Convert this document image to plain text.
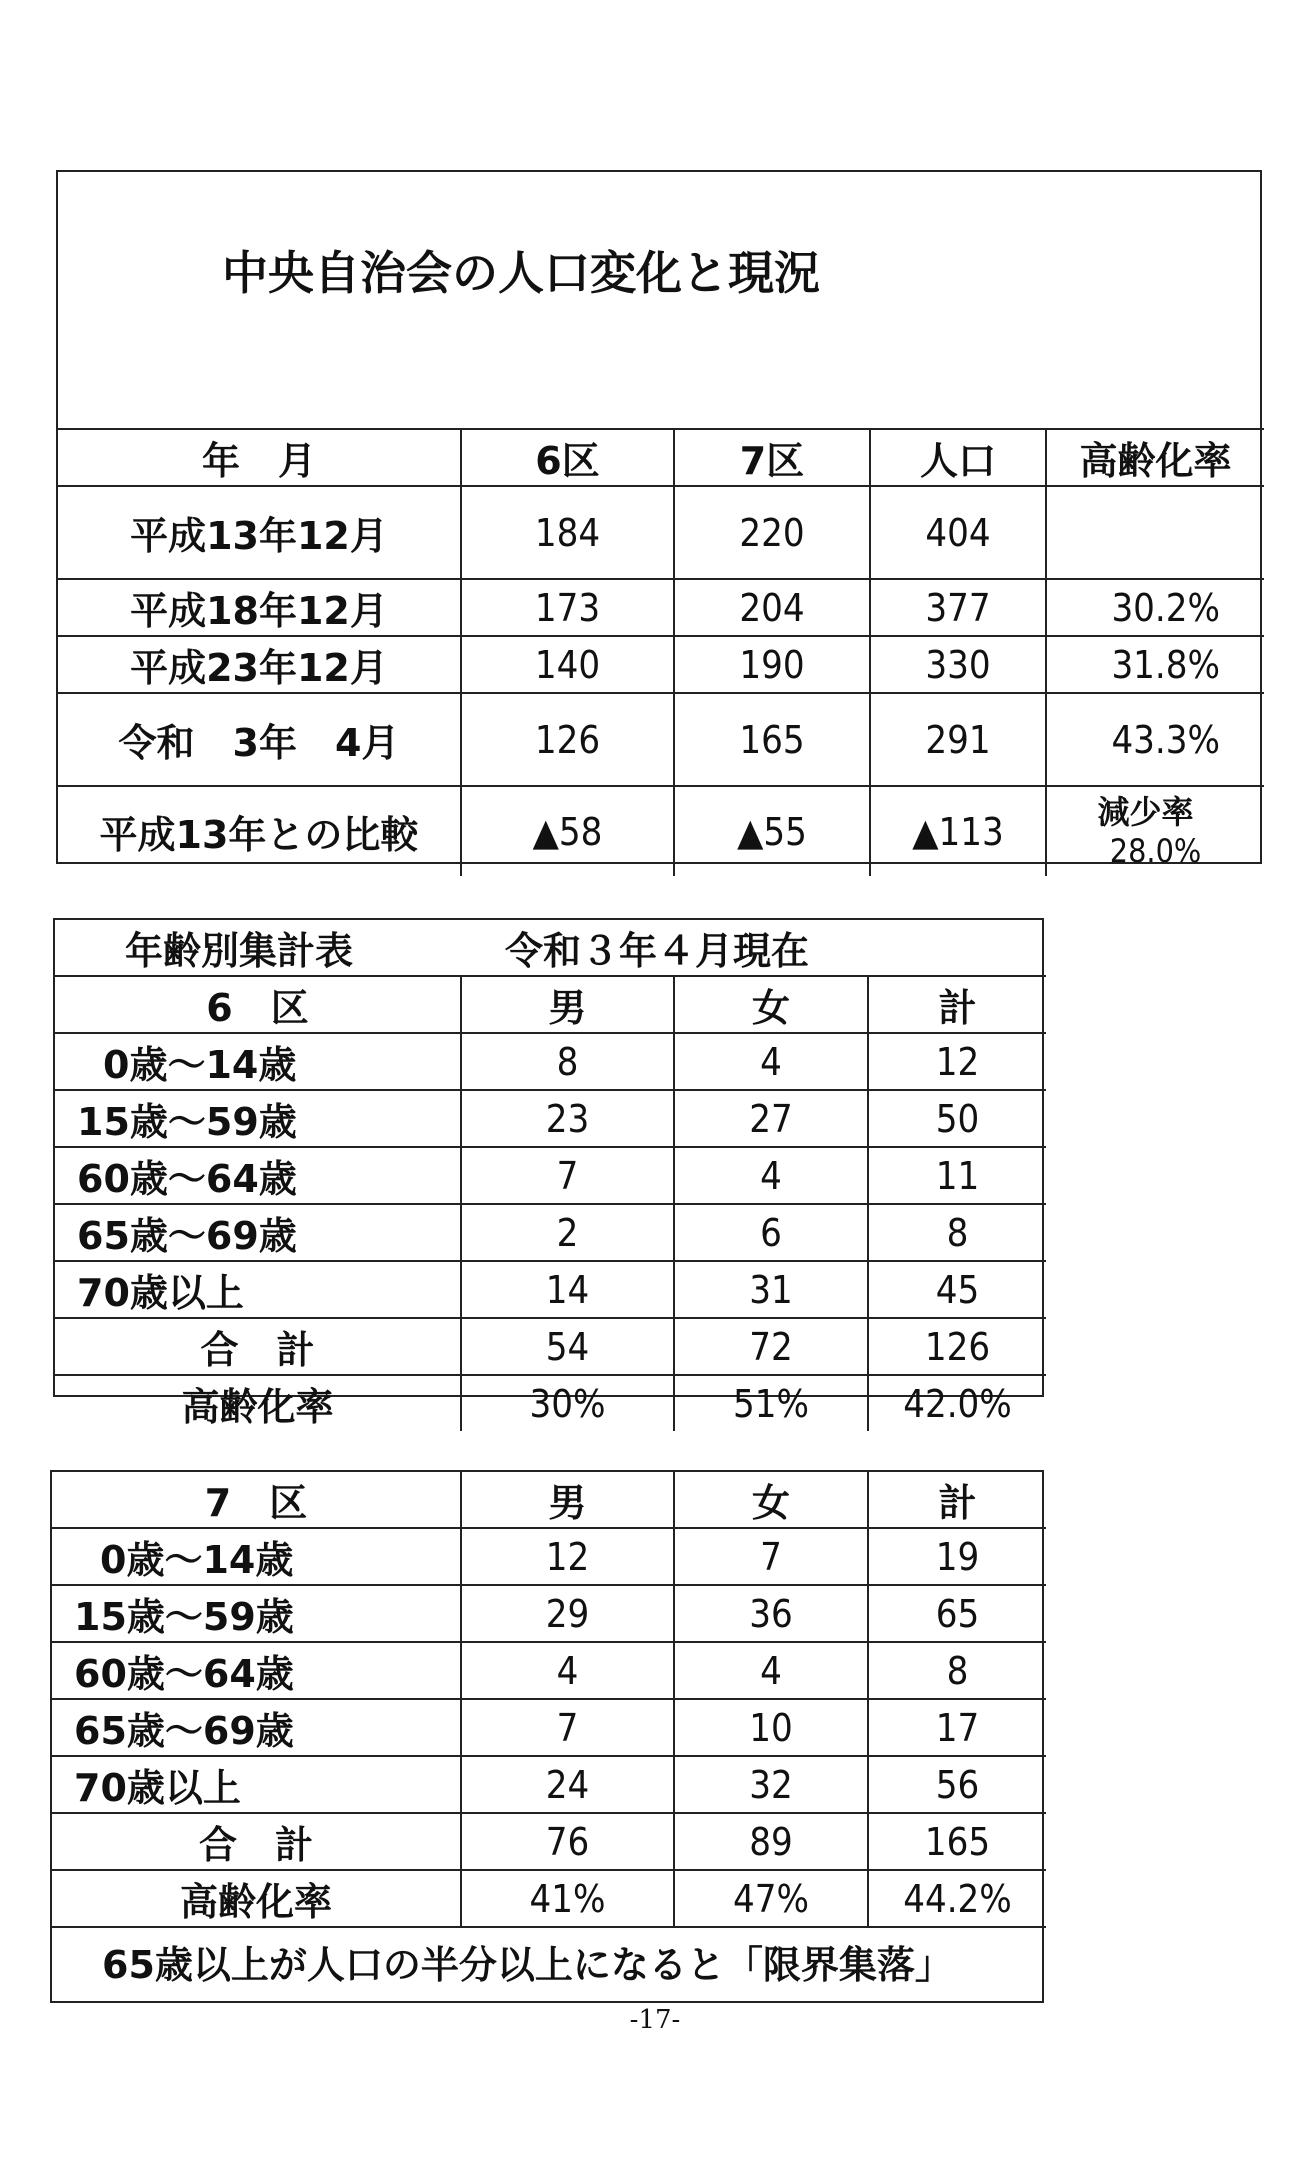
中央自治会の人口変化と現況				
年　月	6区	7区	人口	高齢化率
平成13年12月	184	220	404	
平成18年12月	173	204	377	30.2%
平成23年12月	140	190	330	31.8%
令和　3年　4月	126	165	291	43.3%
平成13年との比較	▲58	▲55	▲113	減少率
28.0%
年齢別集計表 令和３年４月現在			
6　区	男	女	計
0歳～14歳	8	4	12
15歳～59歳	23	27	50
60歳～64歳	7	4	11
65歳～69歳	2	6	8
70歳以上	14	31	45
合　計	54	72	126
高齢化率	30%	51%	42.0%
7　区	男	女	計
0歳～14歳	12	7	19
15歳～59歳	29	36	65
60歳～64歳	4	4	8
65歳～69歳	7	10	17
70歳以上	24	32	56
合　計	76	89	165
高齢化率	41%	47%	44.2%
65歳以上が人口の半分以上になると「限界集落」			
-17-
